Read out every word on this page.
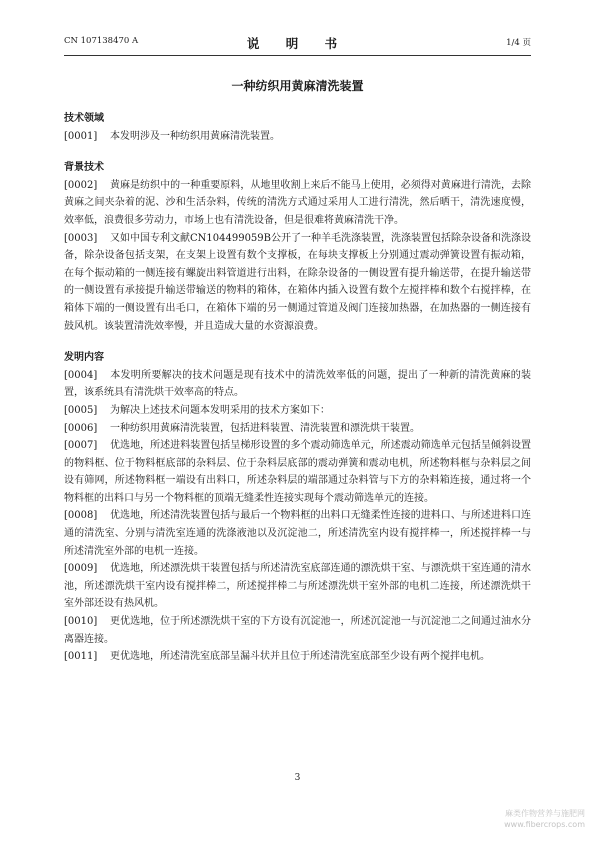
CN 107138470 A	说 明 书	1/4 页
一种纺织用黄麻清洗装置
技术领域
[0001] 本发明涉及一种纺织用黄麻清洗装置。
背景技术
[0002] 黄麻是纺织中的一种重要原料，从地里收割上来后不能马上使用，必须得对黄麻进行清洗，去除黄麻之间夹杂着的泥、沙和生活杂料，传统的清洗方式通过采用人工进行清洗，然后晒干，清洗速度慢，效率低，浪费很多劳动力，市场上也有清洗设备，但是很难将黄麻清洗干净。
[0003] 又如中国专利文献CN104499059B公开了一种羊毛洗涤装置，洗涤装置包括除杂设备和洗涤设备，除杂设备包括支架，在支架上设置有数个支撑板，在每块支撑板上分别通过震动弹簧设置有振动箱，在每个振动箱的一侧连接有螺旋出料管道进行出料，在除杂设备的一侧设置有提升输送带，在提升输送带的一侧设置有承接提升输送带输送的物料的箱体，在箱体内插入设置有数个左搅拌棒和数个右搅拌棒，在箱体下端的一侧设置有出毛口，在箱体下端的另一侧通过管道及阀门连接加热器，在加热器的一侧连接有鼓风机。该装置清洗效率慢，并且造成大量的水资源浪费。
发明内容
[0004] 本发明所要解决的技术问题是现有技术中的清洗效率低的问题，提出了一种新的清洗黄麻的装置，该系统具有清洗烘干效率高的特点。
[0005] 为解决上述技术问题本发明采用的技术方案如下：
[0006] 一种纺织用黄麻清洗装置，包括进料装置、清洗装置和漂洗烘干装置。
[0007] 优选地，所述进料装置包括呈梯形设置的多个震动筛选单元，所述震动筛选单元包括呈倾斜设置的物料框、位于物料框底部的杂料层、位于杂料层底部的震动弹簧和震动电机，所述物料框与杂料层之间设有筛网，所述物料框一端设有出料口，所述杂料层的端部通过杂料管与下方的杂料箱连接，通过将一个物料框的出料口与另一个物料框的顶端无缝柔性连接实现每个震动筛选单元的连接。
[0008] 优选地，所述清洗装置包括与最后一个物料框的出料口无缝柔性连接的进料口、与所述进料口连通的清洗室、分别与清洗室连通的洗涤液池以及沉淀池二，所述清洗室内设有搅拌棒一，所述搅拌棒一与所述清洗室外部的电机一连接。
[0009] 优选地，所述漂洗烘干装置包括与所述清洗室底部连通的漂洗烘干室、与漂洗烘干室连通的清水池，所述漂洗烘干室内设有搅拌棒二，所述搅拌棒二与所述漂洗烘干室外部的电机二连接，所述漂洗烘干室外部还设有热风机。
[0010] 更优选地，位于所述漂洗烘干室的下方设有沉淀池一，所述沉淀池一与沉淀池二之间通过油水分离器连接。
[0011] 更优选地，所述清洗室底部呈漏斗状并且位于所述清洗室底部至少设有两个搅拌电机。
3
麻类作物营养与施肥网
www.fibercrops.com
